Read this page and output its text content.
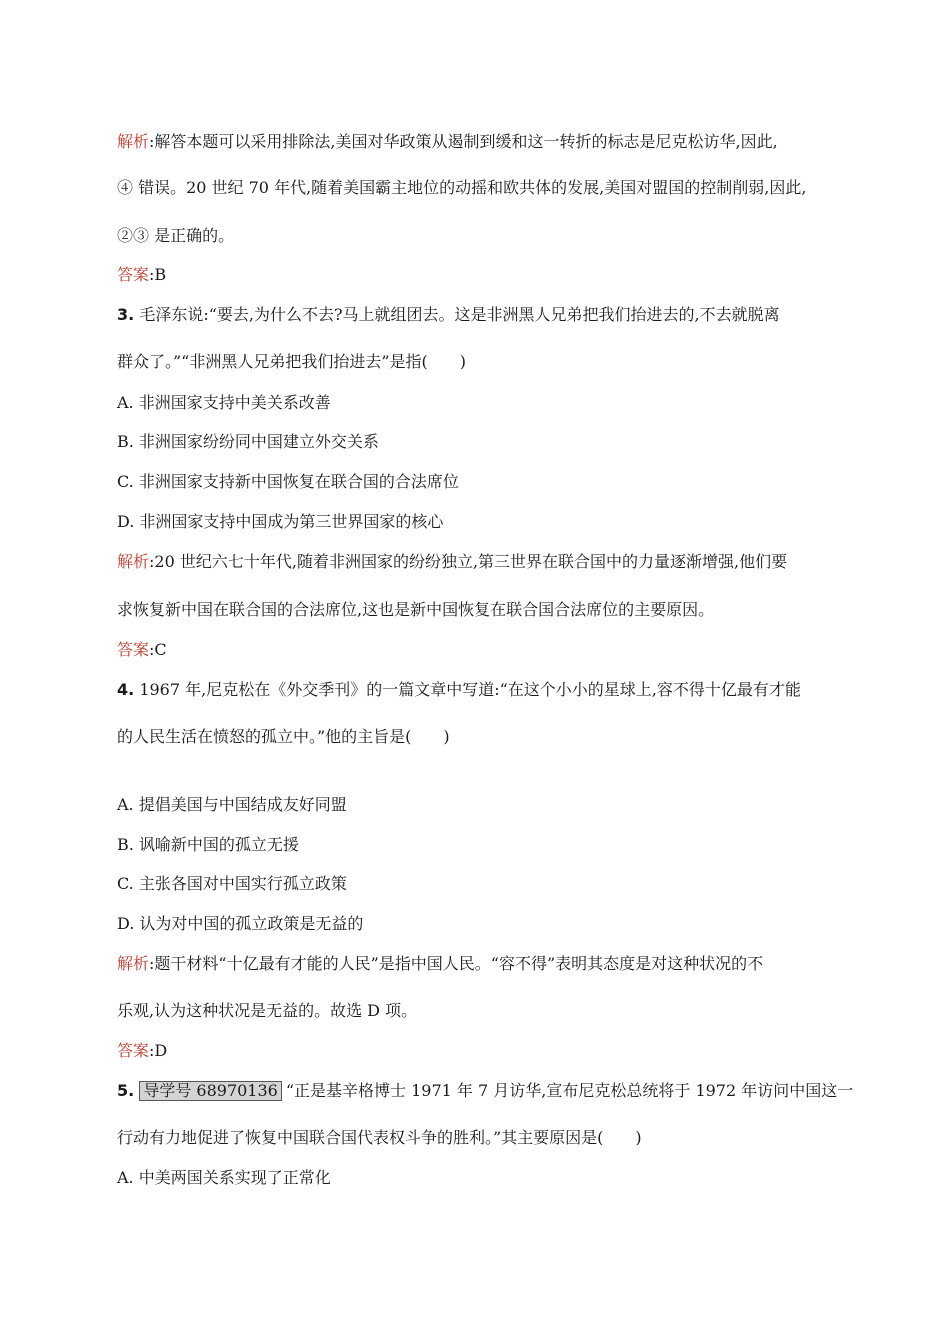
解析:解答本题可以采用排除法,美国对华政策从遏制到缓和这一转折的标志是尼克松访华,因此,
④ 错误。20 世纪 70 年代,随着美国霸主地位的动摇和欧共体的发展,美国对盟国的控制削弱,因此,
②③ 是正确的。
答案:B
3. 毛泽东说:“要去,为什么不去?马上就组团去。这是非洲黑人兄弟把我们抬进去的,不去就脱离
群众了。”“非洲黑人兄弟把我们抬进去”是指(　　)
A. 非洲国家支持中美关系改善
B. 非洲国家纷纷同中国建立外交关系
C. 非洲国家支持新中国恢复在联合国的合法席位
D. 非洲国家支持中国成为第三世界国家的核心
解析:20 世纪六七十年代,随着非洲国家的纷纷独立,第三世界在联合国中的力量逐渐增强,他们要
求恢复新中国在联合国的合法席位,这也是新中国恢复在联合国合法席位的主要原因。
答案:C
4. 1967 年,尼克松在《外交季刊》的一篇文章中写道:“在这个小小的星球上,容不得十亿最有才能
的人民生活在愤怒的孤立中。”他的主旨是(　　)
A. 提倡美国与中国结成友好同盟
B. 讽喻新中国的孤立无援
C. 主张各国对中国实行孤立政策
D. 认为对中国的孤立政策是无益的
解析:题干材料“十亿最有才能的人民”是指中国人民。“容不得”表明其态度是对这种状况的不
乐观,认为这种状况是无益的。故选 D 项。
答案:D
5. 导学号 68970136 “正是基辛格博士 1971 年 7 月访华,宣布尼克松总统将于 1972 年访问中国这一
行动有力地促进了恢复中国联合国代表权斗争的胜利。”其主要原因是(　　)
A. 中美两国关系实现了正常化
